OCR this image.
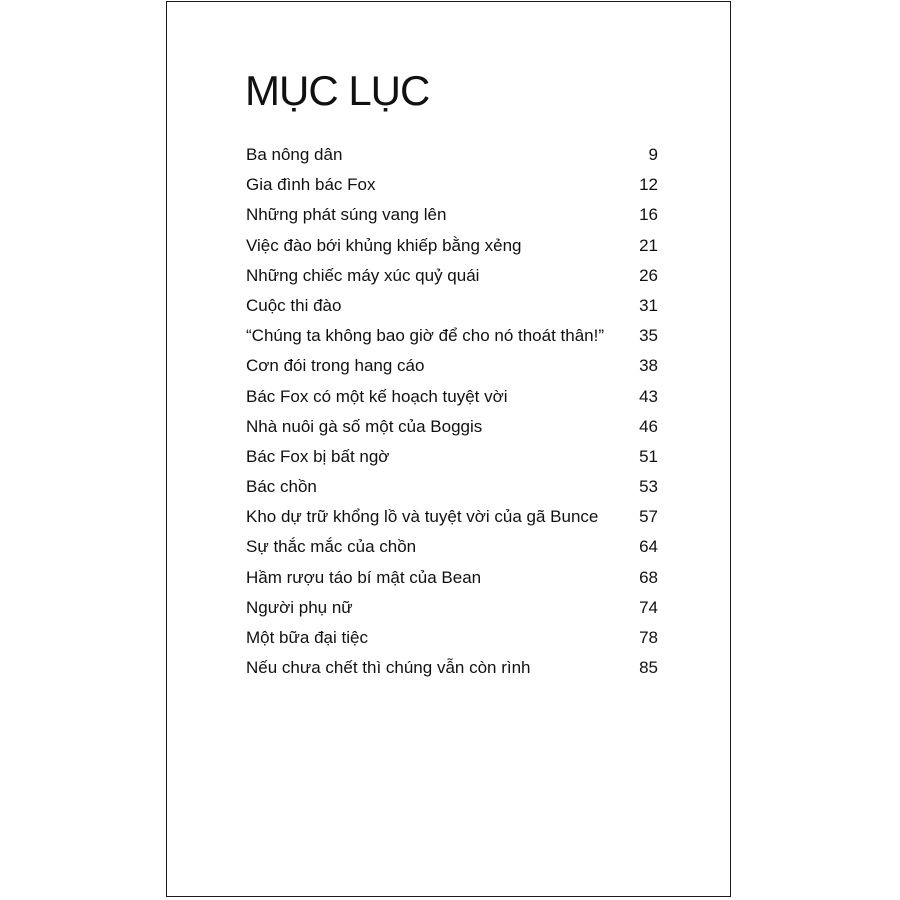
MỤC LỤC
Ba nông dân	9
Gia đình bác Fox	12
Những phát súng vang lên	16
Việc đào bới khủng khiếp bằng xẻng	21
Những chiếc máy xúc quỷ quái	26
Cuộc thi đào	31
“Chúng ta không bao giờ để cho nó thoát thân!”	35
Cơn đói trong hang cáo	38
Bác Fox có một kế hoạch tuyệt vời	43
Nhà nuôi gà số một của Boggis	46
Bác Fox bị bất ngờ	51
Bác chồn	53
Kho dự trữ khổng lồ và tuyệt vời của gã Bunce	57
Sự thắc mắc của chồn	64
Hầm rượu táo bí mật của Bean	68
Người phụ nữ	74
Một bữa đại tiệc	78
Nếu chưa chết thì chúng vẫn còn rình	85
